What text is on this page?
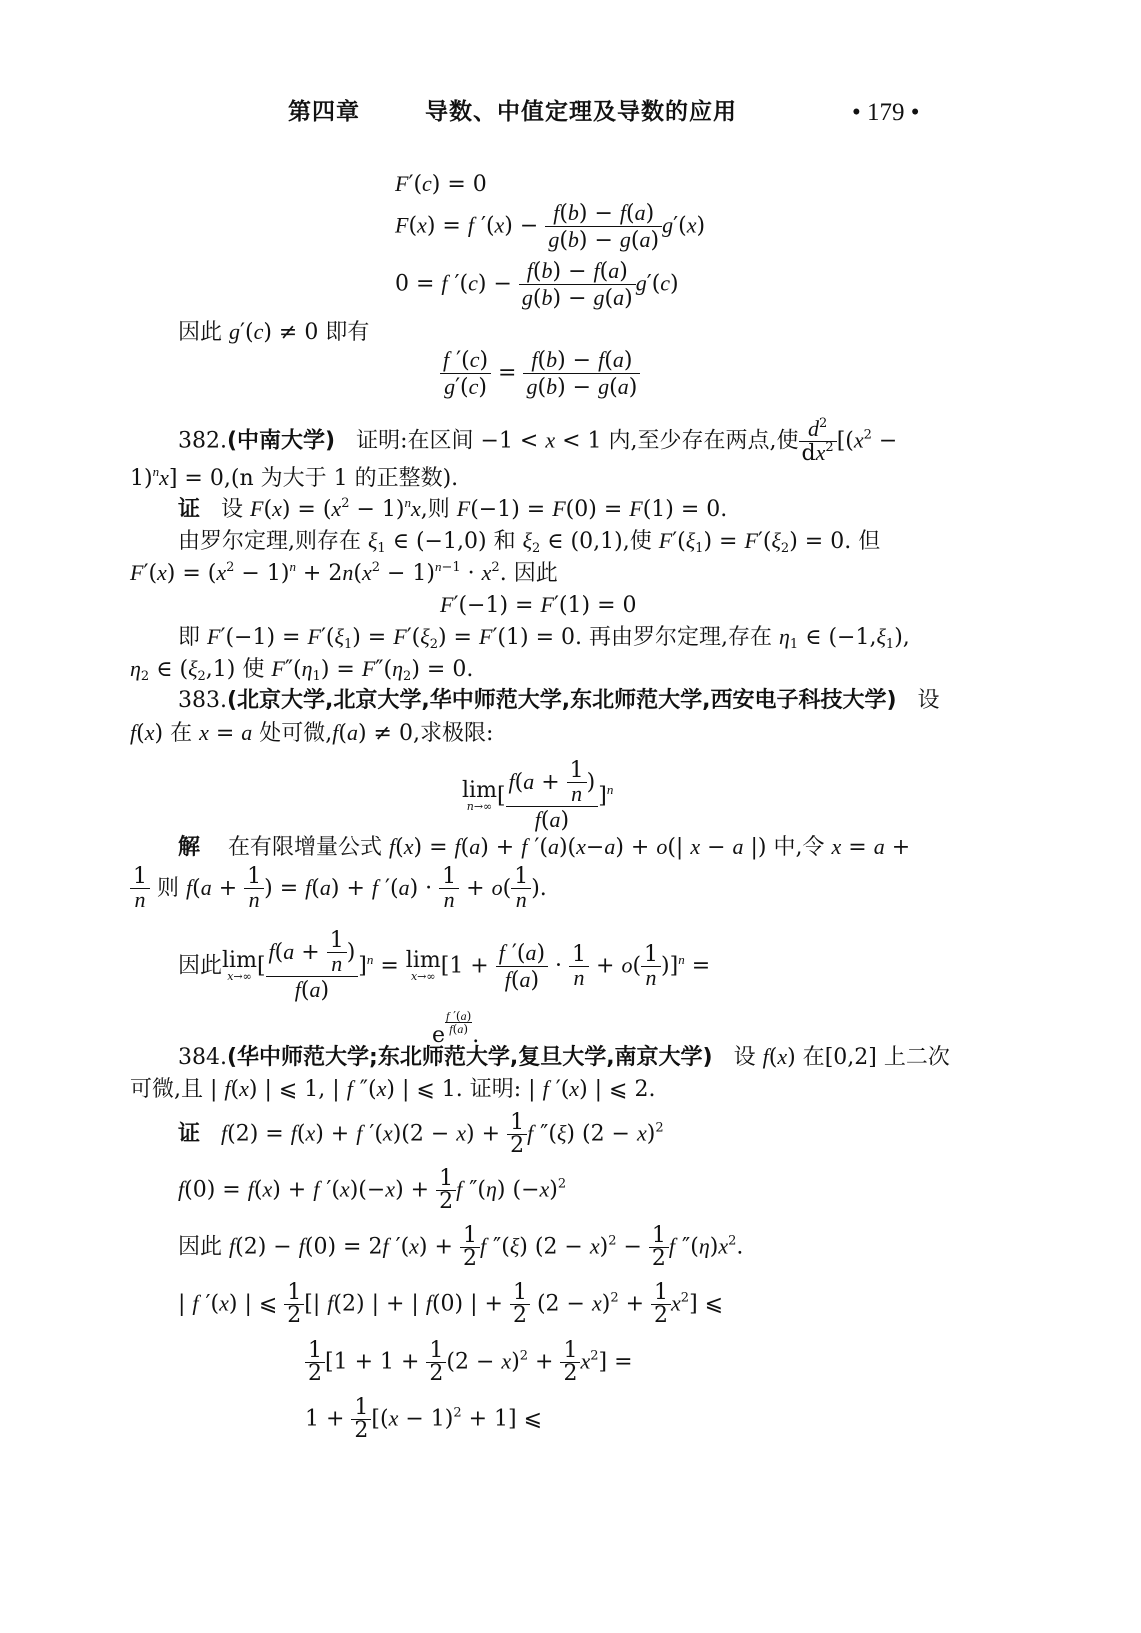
第四章	导数、中值定理及导数的应用	• 179 •
F′(c) = 0
F(x) = f $'(x) - \frac{f(b) - f(a)}{g(b) - g(a)} g'(x)$
0 = f $'(c) - \frac{f(b) - f(a)}{g(b) - g(a)} g'(c)$
因此 g′(c) ≠ 0 即有
$\frac{f '(c)}{g'(c)} = \frac{f(b) - f(a)}{g(b) - g(a)}$
382.(中南大学) 证明:在区间 −1 < x < 1 内,至少存在两点,使 $\frac{d^2}{dx^2} [(x^2$ −
1)$^n$x] = 0,(n 为大于 1 的正整数).
证 设 $F(x) = (x^2 - 1)^nx$,则 F(−1) = F(0) = F(1) = 0.
由罗尔定理,则存在 $\xi_1$ ∈ (−1,0) 和 $\xi_2$ ∈ (0,1),使 $F'(\xi_1) = F'(\xi_2) = 0$. 但
$F'(x) = (x^2 - 1)^n + 2n(x^2 - 1)^{n-1} \cdot x^2$. 因此
F′(−1) = F′(1) = 0
即 $F'(-1) = F'(\xi_1) = F'(\xi_2) = F'(1) = 0$. 再由罗尔定理,存在 $\eta_1$ ∈ $(-1,\xi_1)$,
$\eta_2$ ∈ $(\xi_2,1)$ 使 $F''(\eta_1) = F''(\eta_2) = 0$.
383.(北京大学,北京大学,华中师范大学,东北师范大学,西安电子科技大学) 设
f(x) 在 x = a 处可微,f(a) ≠ 0,求极限:
lim
n→∞ [ $\frac{f(a + \frac{1}{n} )}{f(a)} ]^n$
解 在有限增量公式 f(x) = f(a) + f ′(a)(x−a) + o(| x − a |) 中,令 x = a +
$\frac{1}{n}$ 则 $f(a + \frac{1}{n}$ ) = f(a) + f $'(a) \cdot \frac{1}{n} + o( \frac{1}{n}$ ).
因此lim
x→∞ [ $\frac{f(a + \frac{1}{n} )}{f(a)} ]^n = \lim$
x→∞ $[1 + \frac{f '(a)}{f(a)} \cdot \frac{1}{n} + o( \frac{1}{n} )]^n$ =
e
$\frac{f '(a)}{f(a)}$
.
384.(华中师范大学;东北师范大学,复旦大学,南京大学) 设 f(x) 在[0,2] 上二次
可微,且 | f(x) | ⩽ 1, | f ″(x) | ⩽ 1. 证明: | f ′(x) | ⩽ 2.
证 f(2) = f(x) + f $'(x)(2 - x) + \frac{1}{2}$ f ″(ξ) $(2 - x)^2$
f(0) = f(x) + f $'(x)(-x) + \frac{1}{2}$ f ″(η) $(-x)^2$
因此 f(2) − f(0) = 2f $'(x) + \frac{1}{2}$ f ″(ξ) $(2 - x)^2 - \frac{1}{2}$ f $''(\eta)x^2$.
| f ′(x) | ⩽ $\frac{1}{2}$ [| f(2) | + | f(0) | + $\frac{1}{2} (2 - x)^2 + \frac{1}{2} x^2$] ⩽
$\frac{1}{2} [1 + 1 + \frac{1}{2} (2 - x)^2 + \frac{1}{2} x^2]$ =
$1 + \frac{1}{2} [(x - 1)^2 + 1]$ ⩽
